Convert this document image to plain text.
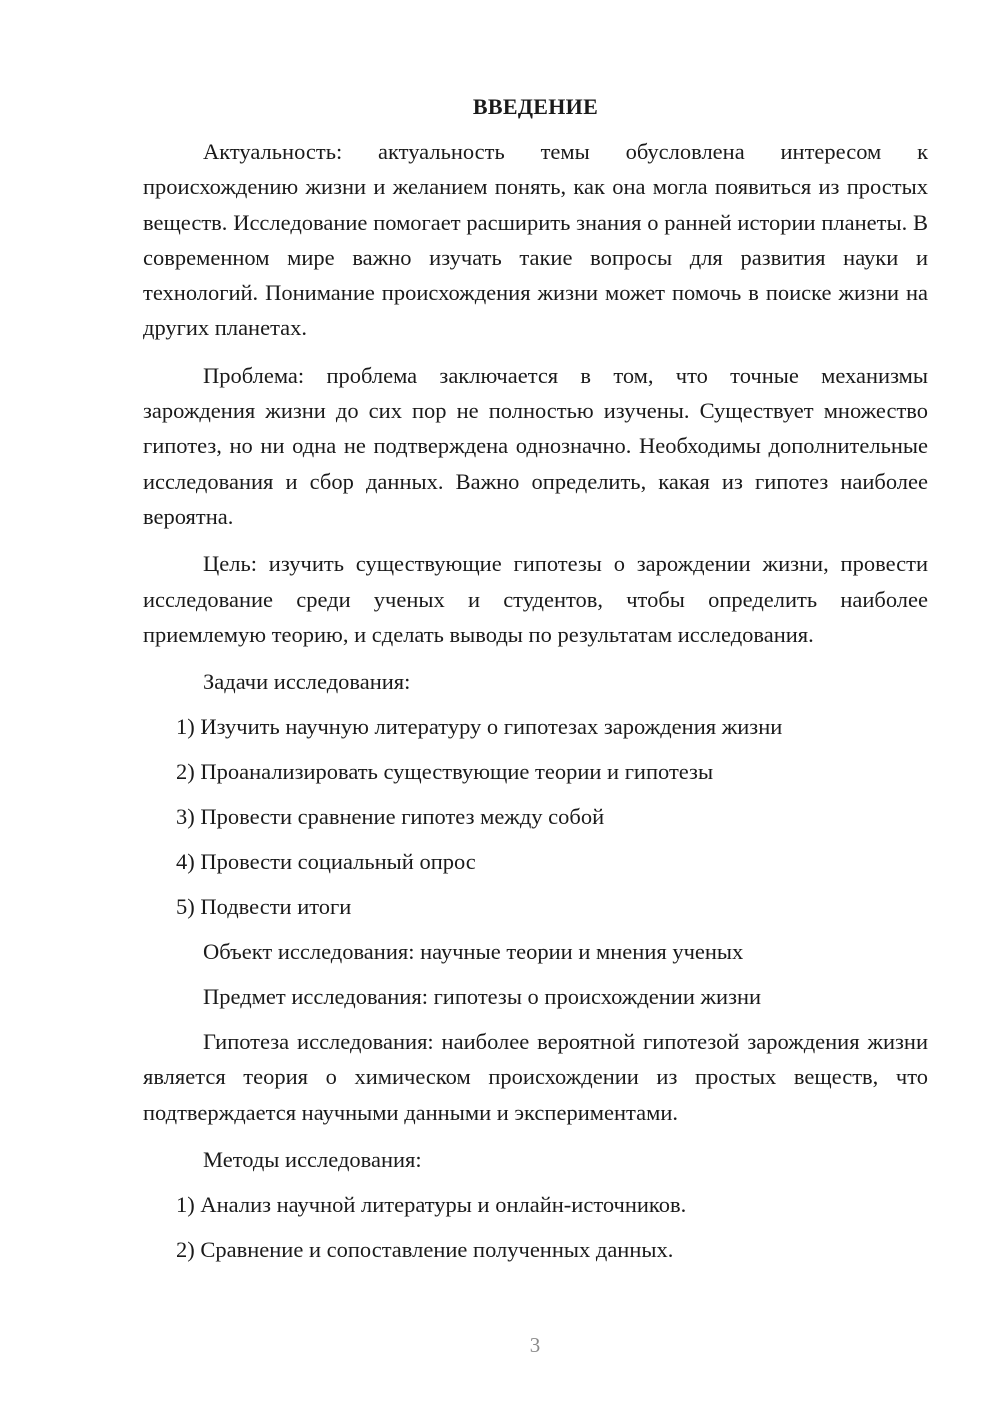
ВВЕДЕНИЕ

Актуальность: актуальность темы обусловлена интересом к происхождению жизни и желанием понять, как она могла появиться из простых веществ. Исследование помогает расширить знания о ранней истории планеты. В современном мире важно изучать такие вопросы для развития науки и технологий. Понимание происхождения жизни может помочь в поиске жизни на других планетах.

Проблема: проблема заключается в том, что точные механизмы зарождения жизни до сих пор не полностью изучены. Существует множество гипотез, но ни одна не подтверждена однозначно. Необходимы дополнительные исследования и сбор данных. Важно определить, какая из гипотез наиболее вероятна.

Цель: изучить существующие гипотезы о зарождении жизни, провести исследование среди ученых и студентов, чтобы определить наиболее приемлемую теорию, и сделать выводы по результатам исследования.

Задачи исследования:
1) Изучить научную литературу о гипотезах зарождения жизни
2) Проанализировать существующие теории и гипотезы
3) Провести сравнение гипотез между собой
4) Провести социальный опрос
5) Подвести итоги
Объект исследования: научные теории и мнения ученых
Предмет исследования: гипотезы о происхождении жизни

Гипотеза исследования: наиболее вероятной гипотезой зарождения жизни является теория о химическом происхождении из простых веществ, что подтверждается научными данными и экспериментами.

Методы исследования:
1) Анализ научной литературы и онлайн-источников.
2) Сравнение и сопоставление полученных данных.
3
